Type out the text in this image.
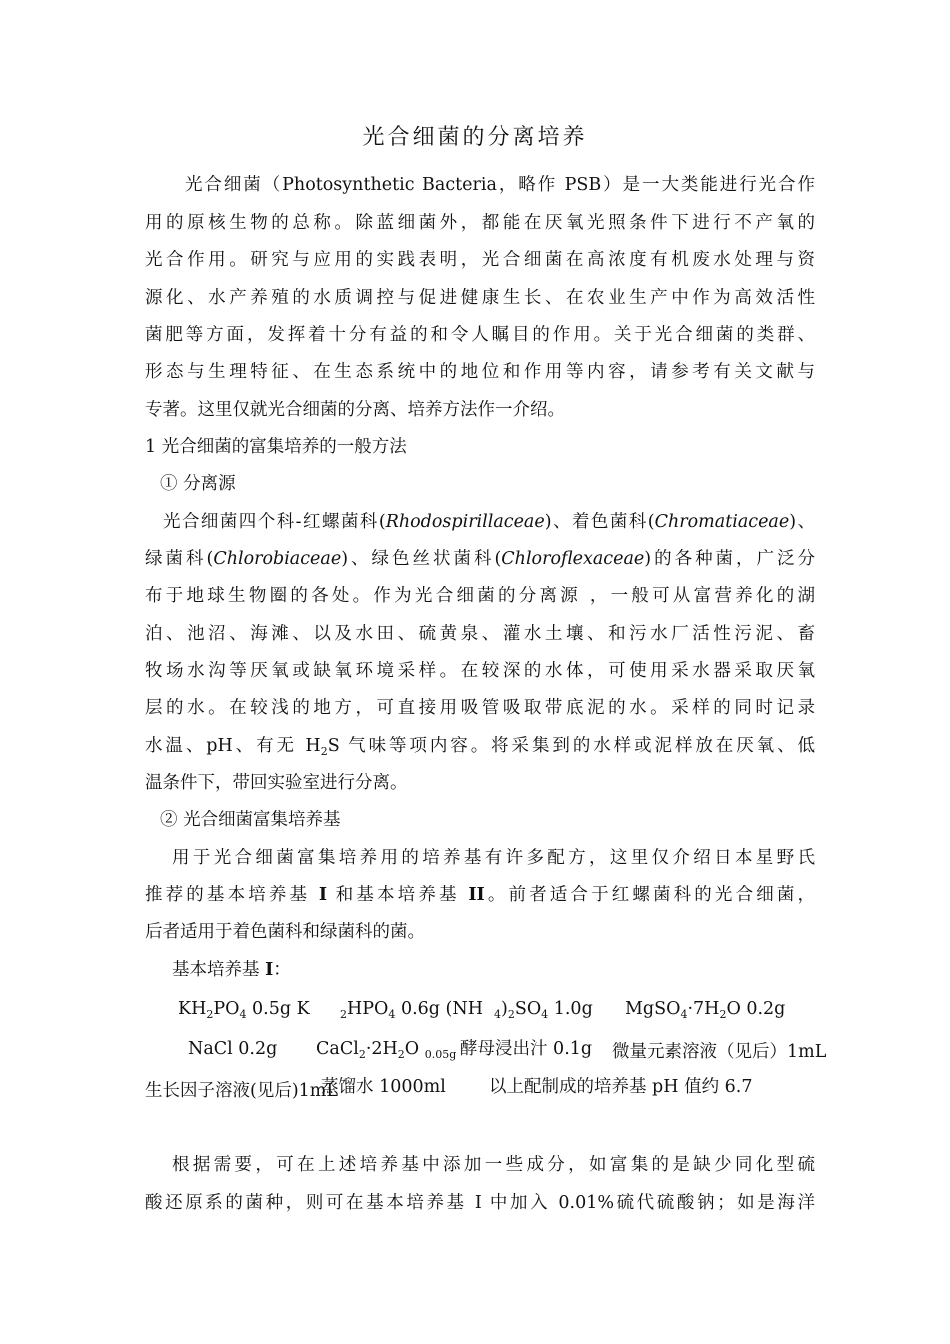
光合细菌的分离培养
光合细菌（Photosynthetic Bacteria，略作 PSB）是一大类能进行光合作
用的原核生物的总称。除蓝细菌外，都能在厌氧光照条件下进行不产氧的
光合作用。研究与应用的实践表明，光合细菌在高浓度有机废水处理与资
源化、水产养殖的水质调控与促进健康生长、在农业生产中作为高效活性
菌肥等方面，发挥着十分有益的和令人瞩目的作用。关于光合细菌的类群、
形态与生理特征、在生态系统中的地位和作用等内容，请参考有关文献与
专著。这里仅就光合细菌的分离、培养方法作一介绍。
1 光合细菌的富集培养的一般方法
① 分离源
光合细菌四个科-红螺菌科(Rhodospirillaceae)、着色菌科(Chromatiaceae)、
绿菌科(Chlorobiaceae)、绿色丝状菌科(Chloroflexaceae)的各种菌，广泛分
布于地球生物圈的各处。作为光合细菌的分离源 ，一般可从富营养化的湖
泊、池沼、海滩、以及水田、硫黄泉、灌水土壤、和污水厂活性污泥、畜
牧场水沟等厌氧或缺氧环境采样。在较深的水体，可使用采水器采取厌氧
层的水。在较浅的地方，可直接用吸管吸取带底泥的水。采样的同时记录
水温、pH、有无 $H_2S$ 气味等项内容。将采集到的水样或泥样放在厌氧、低
温条件下，带回实验室进行分离。
② 光合细菌富集培养基
用于光合细菌富集培养用的培养基有许多配方，这里仅介绍日本星野氏
推荐的基本培养基 I 和基本培养基 II。前者适合于红螺菌科的光合细菌，
后者适用于着色菌科和绿菌科的菌。
基本培养基 I：
$KH_2PO_4$ 0.5g K	$_2HPO_4$ 0.6g (NH $_4)_2SO_4$ 1.0g $MgSO_4\cdot 7H_2O$ 0.2g
NaCl 0.2g $CaCl_2\cdot 2H_2O$ $_{0.05g}$ 酵母浸出汁 0.1g 微量元素溶液（见后）1mL
生长因子溶液(见后)1mL
蒸馏水 1000ml 以上配制成的培养基 pH 值约 6.7
根据需要，可在上述培养基中添加一些成分，如富集的是缺少同化型硫
酸还原系的菌种，则可在基本培养基 I 中加入 0.01%硫代硫酸钠；如是海洋
